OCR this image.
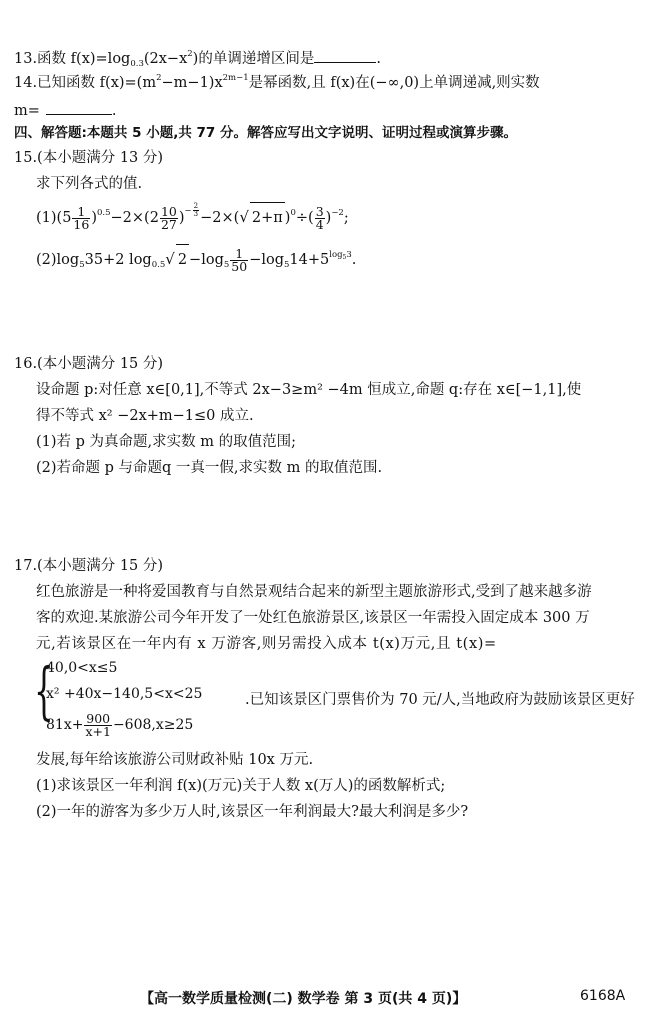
13.函数 $f(x)=\log_{0.3}(2x-x^2)$的单调递增区间是	.
14.已知函数 $f(x)=(m^2-m-1)x^{2m-1}$是幂函数,且 f(x)在(−∞,0)上单调递减,则实数
m=	.
四、解答题:本题共 5 小题,共 77 分。解答应写出文字说明、证明过程或演算步骤。
15.(本小题满分 13 分)
求下列各式的值.
$(1)(5 \frac{1}{16} )^{0.5}-2\times(2 \frac{10}{27} )^{- \frac{2}{3}} -2\times(√$ 2+π )$^0\div( \frac{3}{4} )^{-2}$;
$(2)\log_535+2$ $\log_{0.5}√$ $2 -\log_5 \frac{1}{50} -\log_514+5^{log_53}$.
16.(本小题满分 15 分)
设命题 p:对任意 x∈[0,1],不等式 2x−3≥m² −4m 恒成立,命题 q:存在 x∈[−1,1],使
得不等式 x² −2x+m−1≤0 成立.
(1)若 p 为真命题,求实数 m 的取值范围;
(2)若命题 p 与命题q 一真一假,求实数 m 的取值范围.
17.(本小题满分 15 分)
红色旅游是一种将爱国教育与自然景观结合起来的新型主题旅游形式,受到了越来越多游
客的欢迎.某旅游公司今年开发了一处红色旅游景区,该景区一年需投入固定成本 300 万
元,若该景区在一年内有 x 万游客,则另需投入成本 t(x)万元,且 t(x)=
{
40,0<x≤5
x² +40x−140,5<x<25
$81x+ \frac{900}{x+1} -608,x\ge 25$
.已知该景区门票售价为 70 元/人,当地政府为鼓励该景区更好
发展,每年给该旅游公司财政补贴 10x 万元.
(1)求该景区一年利润 f(x)(万元)关于人数 x(万人)的函数解析式;
(2)一年的游客为多少万人时,该景区一年利润最大?最大利润是多少?
【高一数学质量检测(二) 数学卷 第 3 页(共 4 页)】	6168A
